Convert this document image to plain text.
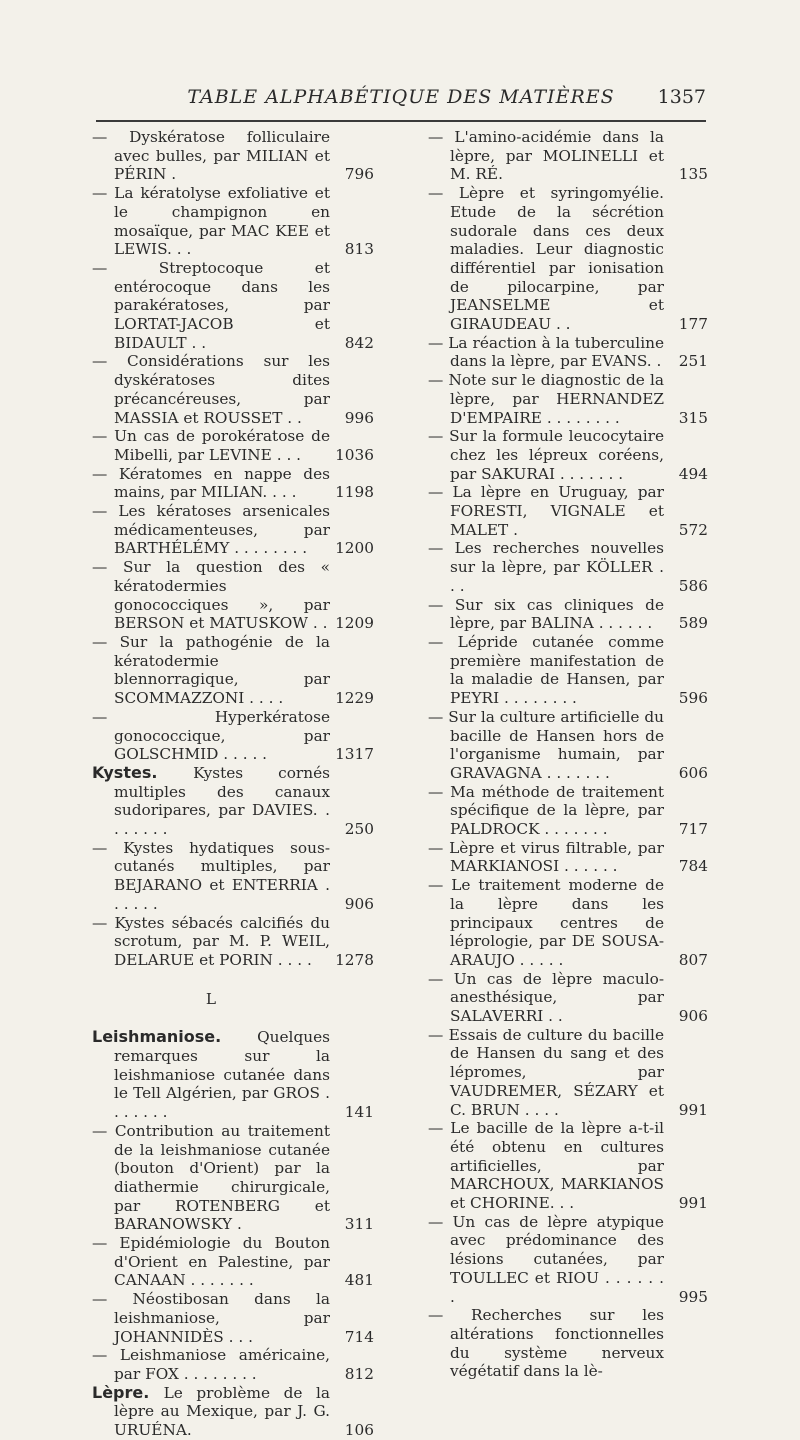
TABLE ALPHABÉTIQUE DES MATIÈRES	1357
— Dyskératose folliculaire avec bulles, par MILIAN et PÉRIN .	796
— La kératolyse exfoliative et le champignon en mosaïque, par MAC KEE et LEWIS. . .	813
— Streptocoque et entérocoque dans les parakératoses, par LORTAT-JACOB et BIDAULT . .	842
— Considérations sur les dyskératoses dites précancéreuses, par MASSIA et ROUSSET . .	996
— Un cas de porokératose de Mibelli, par LEVINE . . .	1036
— Kératomes en nappe des mains, par MILIAN. . . .	1198
— Les kératoses arsenicales médicamenteuses, par BARTHÉLÉMY . . . . . . . .	1200
— Sur la question des « kératodermies gonococciques », par BERSON et MATUSKOW . . 1209
— Sur la pathogénie de la kératodermie blennorragique, par SCOMMAZZONI . . . .	1229
— Hyperkératose gonococcique, par GOLSCHMID . . . . .	1317
Kystes. Kystes cornés multiples des canaux sudoripares, par DAVIES. . . . . . . .	250
— Kystes hydatiques sous-cutanés multiples, par BEJARANO et ENTERRIA . . . . . .	906
— Kystes sébacés calcifiés du scrotum, par M. P. WEIL, DELARUE et PORIN . . . .	1278
L
Leishmaniose. Quelques remarques sur la leishmaniose cutanée dans le Tell Algérien, par GROS . . . . . . .	141
— Contribution au traitement de la leishmaniose cutanée (bouton d'Orient) par la diathermie chirurgicale, par ROTENBERG et BARANOWSKY .	311
— Epidémiologie du Bouton d'Orient en Palestine, par CANAAN . . . . . . .	481
— Néostibosan dans la leishmaniose, par JOHANNIDÈS . . .	714
— Leishmaniose américaine, par FOX . . . . . . . .	812
Lèpre. Le problème de la lèpre au Mexique, par J. G. URUÉNA.	106
— L'amino-acidémie dans la lèpre, par MOLINELLI et M. RÉ.	135
— Lèpre et syringomyélie. Etude de la sécrétion sudorale dans ces deux maladies. Leur diagnostic différentiel par ionisation de pilocarpine, par JEANSELME et GIRAUDEAU . .	177
— La réaction à la tuberculine dans la lèpre, par EVANS. . 251
— Note sur le diagnostic de la lèpre, par HERNANDEZ D'EMPAIRE . . . . . . . .	315
— Sur la formule leucocytaire chez les lépreux coréens, par SAKURAI . . . . . . .	494
— La lèpre en Uruguay, par FORESTI, VIGNALE et MALET .	572
— Les recherches nouvelles sur la lèpre, par KÖLLER . . .	586
— Sur six cas cliniques de lèpre, par BALINA . . . . . .	589
— Lépride cutanée comme première manifestation de la maladie de Hansen, par PEYRI . . . . . . . .	596
— Sur la culture artificielle du bacille de Hansen hors de l'organisme humain, par GRAVAGNA . . . . . . .	606
— Ma méthode de traitement spécifique de la lèpre, par PALDROCK . . . . . . .	717
— Lèpre et virus filtrable, par MARKIANOSI . . . . . .	784
— Le traitement moderne de la lèpre dans les principaux centres de léprologie, par DE SOUSA-ARAUJO . . . . .	807
— Un cas de lèpre maculo-anesthésique, par SALAVERRI . .	906
— Essais de culture du bacille de Hansen du sang et des lépromes, par VAUDREMER, SÉZARY et C. BRUN . . . .	991
— Le bacille de la lèpre a-t-il été obtenu en cultures artificielles, par MARCHOUX, MARKIANOS et CHORINE. . .	991
— Un cas de lèpre atypique avec prédominance des lésions cutanées, par TOULLEC et RIOU . . . . . . .	995
— Recherches sur les altérations fonctionnelles du système nerveux végétatif dans la lè-
